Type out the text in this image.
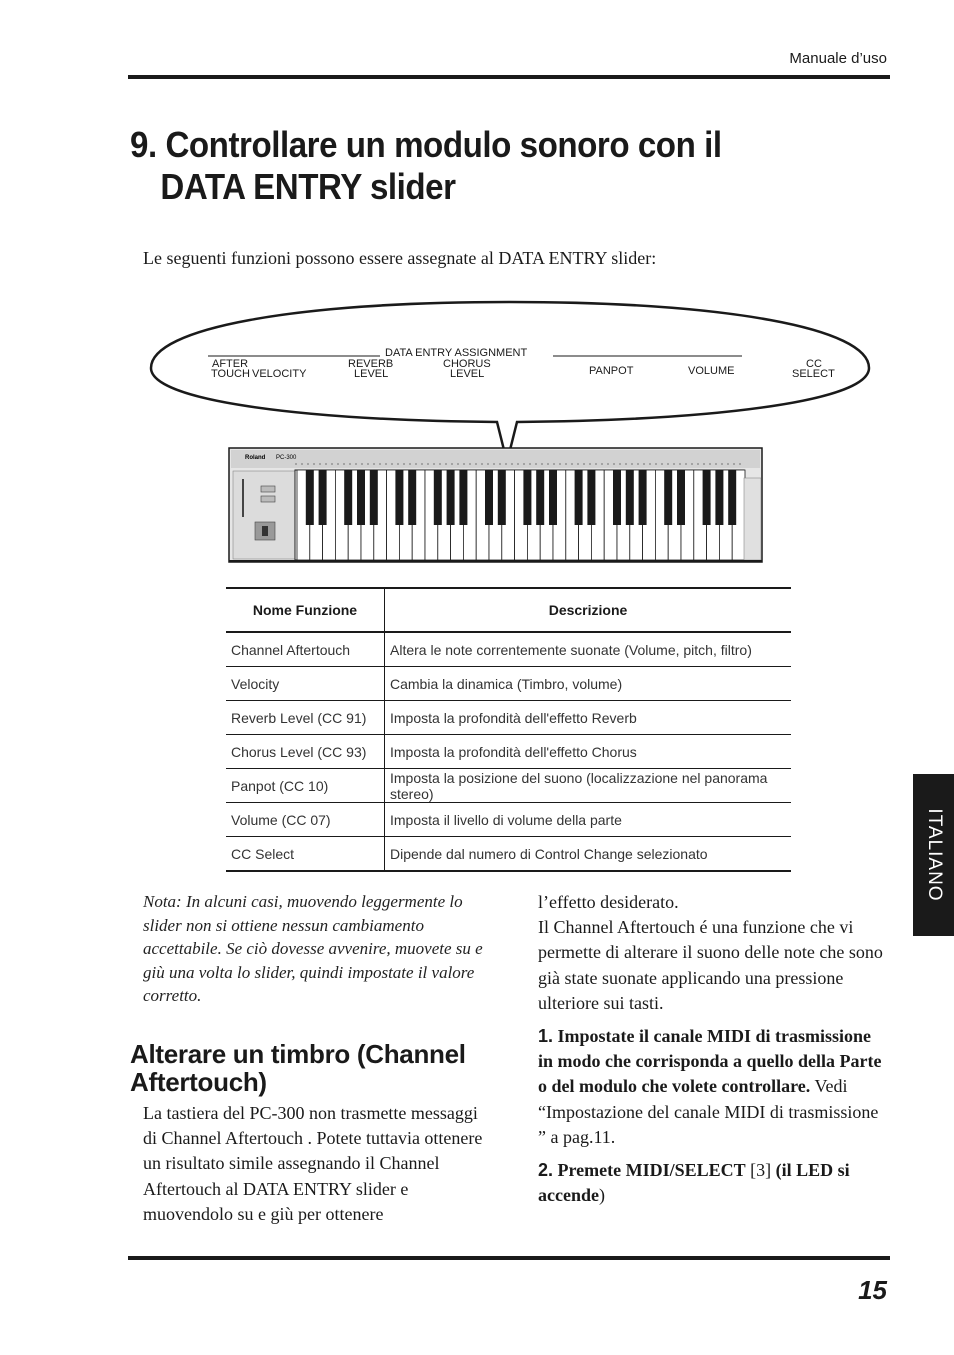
Manuale d’uso
9. Controllare un modulo sonoro con il
DATA ENTRY slider
Le seguenti funzioni possono essere assegnate al DATA ENTRY slider:
DATA ENTRY ASSIGNMENT
AFTER
TOUCH VELOCITY
REVERB
LEVEL
CHORUS
LEVEL	PANPOT	VOLUME
CC
SELECT
Roland PC-300
Nome Funzione	Descrizione
Channel Aftertouch	Altera le note correntemente suonate (Volume, pitch, filtro)
Velocity	Cambia la dinamica (Timbro, volume)
Reverb Level (CC 91)	Imposta la profondità dell'effetto Reverb
Chorus Level (CC 93)	Imposta la profondità dell'effetto Chorus
Panpot (CC 10)	Imposta la posizione del suono (localizzazione nel panorama stereo)
Volume (CC 07)	Imposta il livello di volume della parte
CC Select	Dipende dal numero di Control Change selezionato
Nota: In alcuni casi, muovendo leggermente lo slider non si ottiene nessun cambiamento accettabile. Se ciò dovesse avvenire, muovete su e giù una volta lo slider, quindi impostate il valore corretto.
Alterare un timbro (Channel Aftertouch)
La tastiera del PC-300 non trasmette messaggi di Channel Aftertouch . Potete tuttavia ottenere un risultato simile assegnando il Channel Aftertouch al DATA ENTRY slider e muovendolo su e giù per ottenere

l’effetto desiderato.

Il Channel Aftertouch é una funzione che vi permette di alterare il suono delle note che sono già state suonate applicando una pressione ulteriore sui tasti.

1. Impostate il canale MIDI di trasmissione in modo che corrisponda a quello della Parte o del modulo che volete controllare. Vedi “Impostazione del canale MIDI di trasmissione ” a pag.11.

2. Premete MIDI/SELECT [3] (il LED si accende)

ITALIANO
15
